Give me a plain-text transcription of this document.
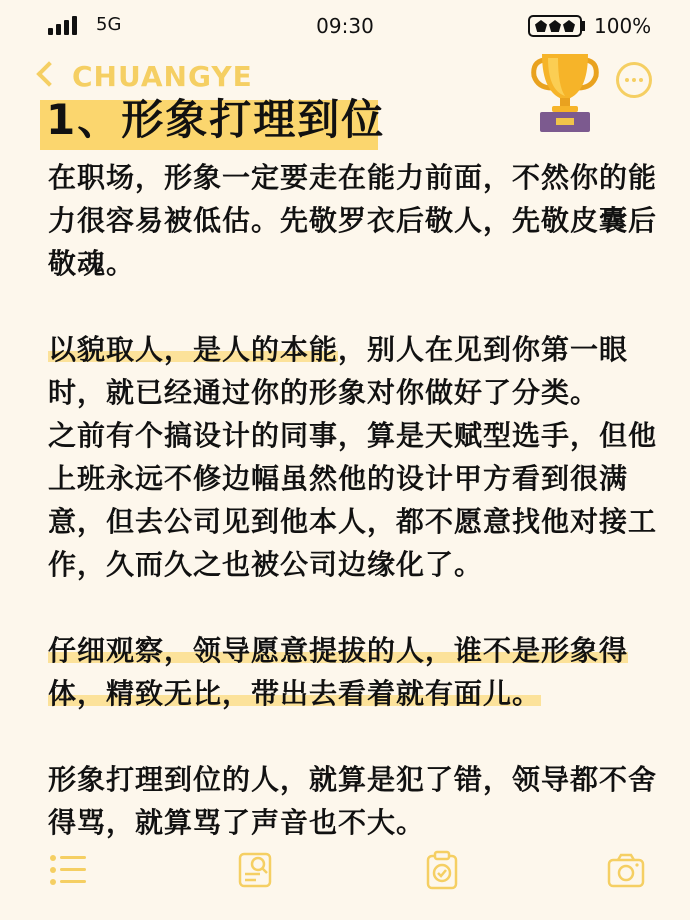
5G	09:30	100%
CHUANGYE
1、形象打理到位

在职场，形象一定要走在能力前面，不然你的能力很容易被低估。先敬罗衣后敬人，先敬皮囊后敬魂。

以貌取人，是人的本能，别人在见到你第一眼时，就已经通过你的形象对你做好了分类。

之前有个搞设计的同事，算是天赋型选手，但他上班永远不修边幅虽然他的设计甲方看到很满意，但去公司见到他本人，都不愿意找他对接工作，久而久之也被公司边缘化了。

仔细观察，领导愿意提拔的人，谁不是形象得体，精致无比，带出去看着就有面儿。

形象打理到位的人，就算是犯了错，领导都不舍得骂，就算骂了声音也不大。
